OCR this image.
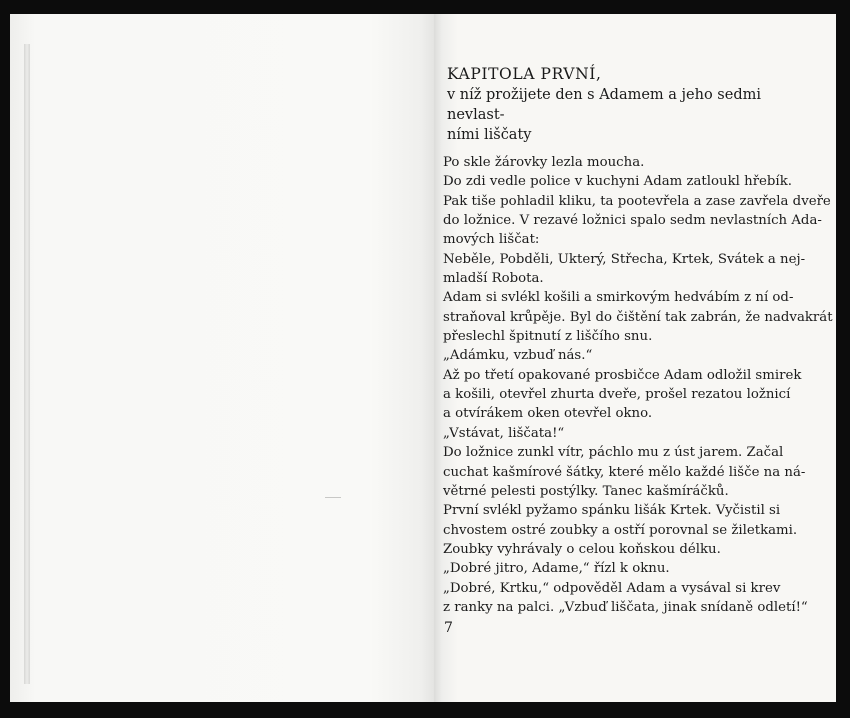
KAPITOLA PRVNÍ,
v níž prožijete den s Adamem a jeho sedmi nevlast-
ními liščaty
Po skle žárovky lezla moucha.
Do zdi vedle police v kuchyni Adam zatloukl hřebík.
Pak tiše pohladil kliku, ta pootevřela a zase zavřela dveře
do ložnice. V rezavé ložnici spalo sedm nevlastních Ada-
mových liščat:
Neběle, Pobděli, Ukterý, Střecha, Krtek, Svátek a nej-
mladší Robota.
Adam si svlékl košili a smirkovým hedvábím z ní od-
straňoval krůpěje. Byl do čištění tak zabrán, že nadvakrát
přeslechl špitnutí z liščího snu.
„Adámku, vzbuď nás.“
Až po třetí opakované prosbičce Adam odložil smirek
a košili, otevřel zhurta dveře, prošel rezatou ložnicí
a otvírákem oken otevřel okno.
„Vstávat, liščata!“
Do ložnice zunkl vítr, páchlo mu z úst jarem. Začal
cuchat kašmírové šátky, které mělo každé lišče na ná-
větrné pelesti postýlky. Tanec kašmíráčků.
První svlékl pyžamo spánku lišák Krtek. Vyčistil si
chvostem ostré zoubky a ostří porovnal se žiletkami.
Zoubky vyhrávaly o celou koňskou délku.
„Dobré jitro, Adame,“ řízl k oknu.
„Dobré, Krtku,“ odpověděl Adam a vysával si krev
z ranky na palci. „Vzbuď liščata, jinak snídaně odletí!“
7
